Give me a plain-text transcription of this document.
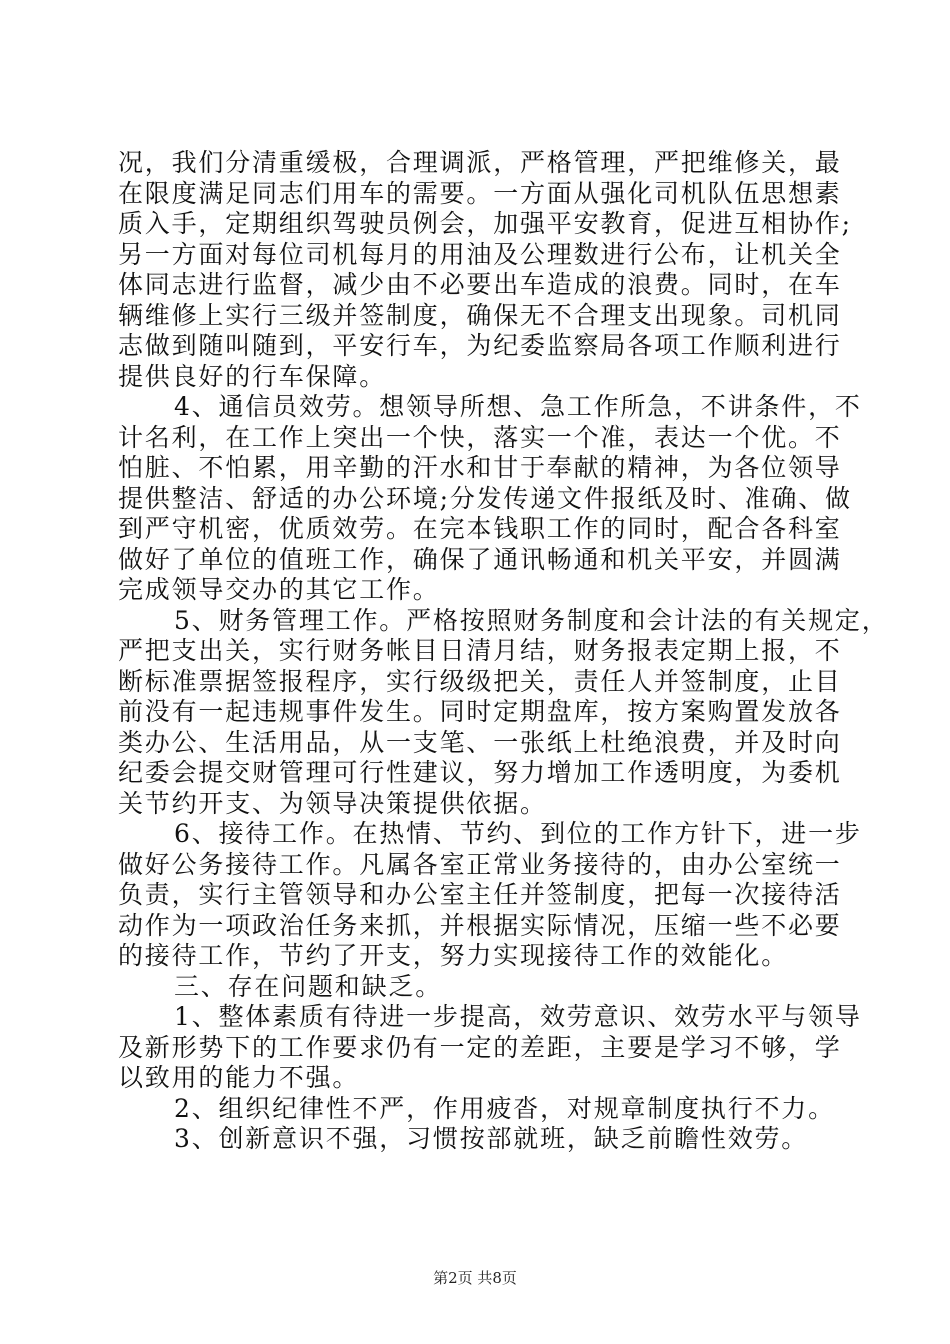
况，我们分清重缓极，合理调派，严格管理，严把维修关，最
在限度满足同志们用车的需要。一方面从强化司机队伍思想素
质入手，定期组织驾驶员例会，加强平安教育，促进互相协作;
另一方面对每位司机每月的用油及公理数进行公布，让机关全
体同志进行监督，减少由不必要出车造成的浪费。同时，在车
辆维修上实行三级并签制度，确保无不合理支出现象。司机同
志做到随叫随到，平安行车，为纪委监察局各项工作顺利进行
提供良好的行车保障。
4、通信员效劳。想领导所想、急工作所急，不讲条件，不
计名利，在工作上突出一个快，落实一个准，表达一个优。不
怕脏、不怕累，用辛勤的汗水和甘于奉献的精神，为各位领导
提供整洁、舒适的办公环境;分发传递文件报纸及时、准确、做
到严守机密，优质效劳。在完本钱职工作的同时，配合各科室
做好了单位的值班工作，确保了通讯畅通和机关平安，并圆满
完成领导交办的其它工作。
5、财务管理工作。严格按照财务制度和会计法的有关规定，
严把支出关，实行财务帐目日清月结，财务报表定期上报，不
断标准票据签报程序，实行级级把关，责任人并签制度，止目
前没有一起违规事件发生。同时定期盘库，按方案购置发放各
类办公、生活用品，从一支笔、一张纸上杜绝浪费，并及时向
纪委会提交财管理可行性建议，努力增加工作透明度，为委机
关节约开支、为领导决策提供依据。
6、接待工作。在热情、节约、到位的工作方针下，进一步
做好公务接待工作。凡属各室正常业务接待的，由办公室统一
负责，实行主管领导和办公室主任并签制度，把每一次接待活
动作为一项政治任务来抓，并根据实际情况，压缩一些不必要
的接待工作，节约了开支，努力实现接待工作的效能化。
三、存在问题和缺乏。
1、整体素质有待进一步提高，效劳意识、效劳水平与领导
及新形势下的工作要求仍有一定的差距，主要是学习不够，学
以致用的能力不强。
2、组织纪律性不严，作用疲沓，对规章制度执行不力。
3、创新意识不强，习惯按部就班，缺乏前瞻性效劳。
第2页 共8页
